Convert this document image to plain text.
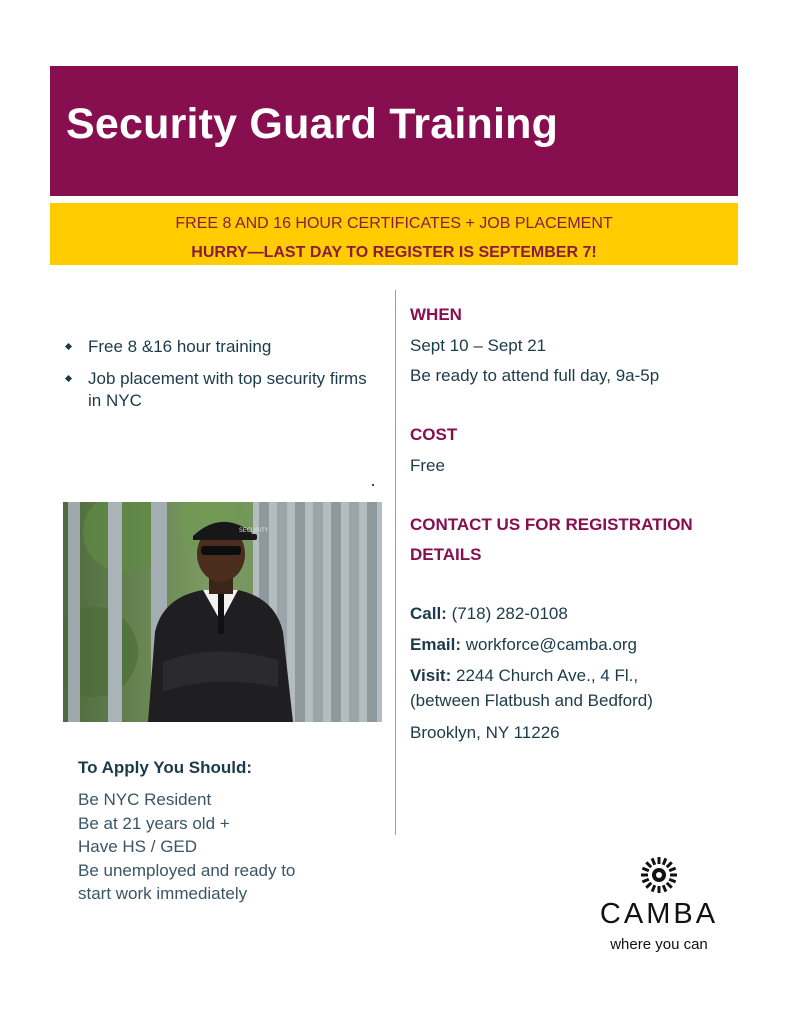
Security Guard Training
FREE 8 AND 16 HOUR CERTIFICATES + JOB PLACEMENT
HURRY—LAST DAY TO REGISTER IS SEPTEMBER 7!
Free 8 &16 hour training
Job placement with top security firms in NYC
SECURITY
To Apply You Should:
Be NYC Resident
Be at 21 years old +
Have HS / GED
Be unemployed and ready to
start work immediately
WHEN
Sept 10 – Sept 21
Be ready to attend full day, 9a-5p
COST
Free
CONTACT US FOR REGISTRATION
DETAILS
Call: (718) 282-0108
Email: workforce@camba.org
Visit: 2244 Church Ave., 4 Fl.,
(between Flatbush and Bedford)
Brooklyn, NY 11226
CAMBA
where you can
